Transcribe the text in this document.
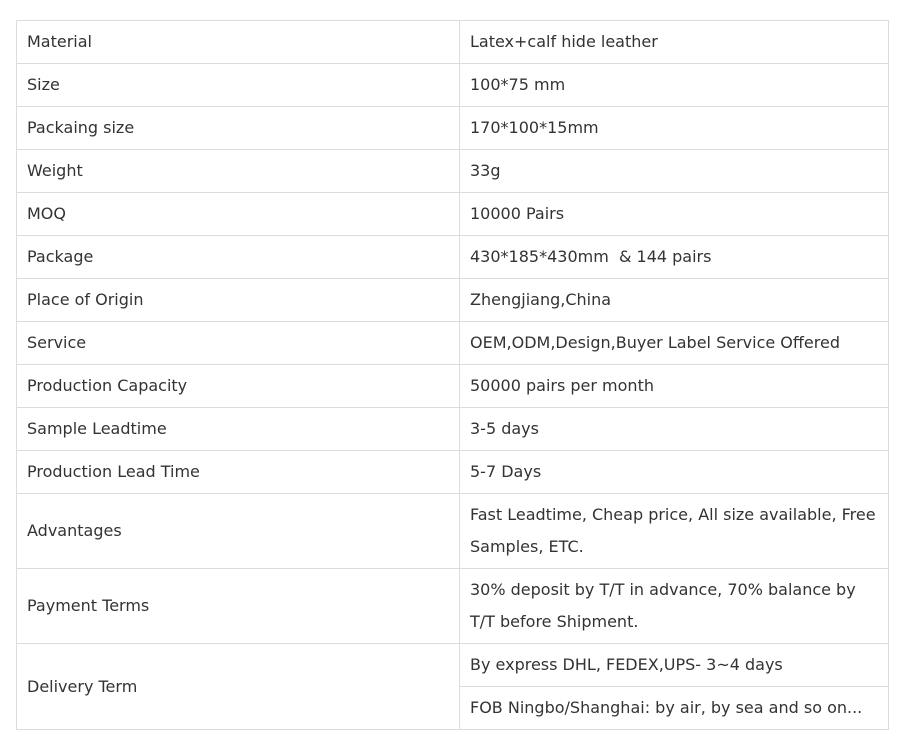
Material	Latex+calf hide leather
Size	100*75 mm
Packaing size	170*100*15mm
Weight	33g
MOQ	10000 Pairs
Package	430*185*430mm  & 144 pairs
Place of Origin	Zhengjiang,China
Service	OEM,ODM,Design,Buyer Label Service Offered
Production Capacity	50000 pairs per month
Sample Leadtime	3-5 days
Production Lead Time	5-7 Days
Advantages	Fast Leadtime, Cheap price, All size available, Free Samples, ETC.
Payment Terms	30% deposit by T/T in advance, 70% balance by T/T before Shipment.
Delivery Term	By express DHL, FEDEX,UPS- 3~4 days
	FOB Ningbo/Shanghai: by air, by sea and so on...
